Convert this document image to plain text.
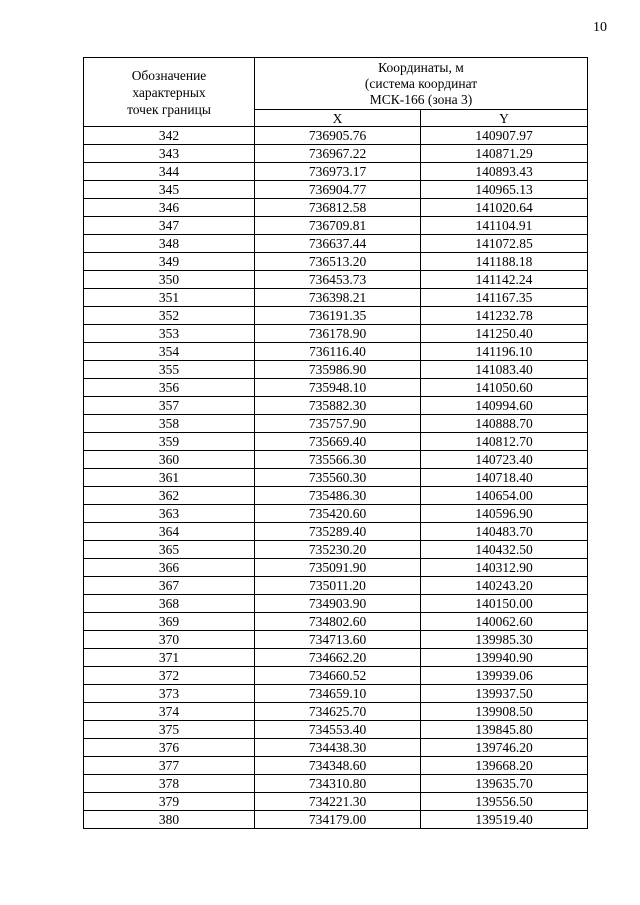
10
Обозначение
характерных
точек границы	Координаты, м
(система координат
МСК-166 (зона 3)	

	X	Y
342	736905.76	140907.97
343	736967.22	140871.29
344	736973.17	140893.43
345	736904.77	140965.13
346	736812.58	141020.64
347	736709.81	141104.91
348	736637.44	141072.85
349	736513.20	141188.18
350	736453.73	141142.24
351	736398.21	141167.35
352	736191.35	141232.78
353	736178.90	141250.40
354	736116.40	141196.10
355	735986.90	141083.40
356	735948.10	141050.60
357	735882.30	140994.60
358	735757.90	140888.70
359	735669.40	140812.70
360	735566.30	140723.40
361	735560.30	140718.40
362	735486.30	140654.00
363	735420.60	140596.90
364	735289.40	140483.70
365	735230.20	140432.50
366	735091.90	140312.90
367	735011.20	140243.20
368	734903.90	140150.00
369	734802.60	140062.60
370	734713.60	139985.30
371	734662.20	139940.90
372	734660.52	139939.06
373	734659.10	139937.50
374	734625.70	139908.50
375	734553.40	139845.80
376	734438.30	139746.20
377	734348.60	139668.20
378	734310.80	139635.70
379	734221.30	139556.50
380	734179.00	139519.40
